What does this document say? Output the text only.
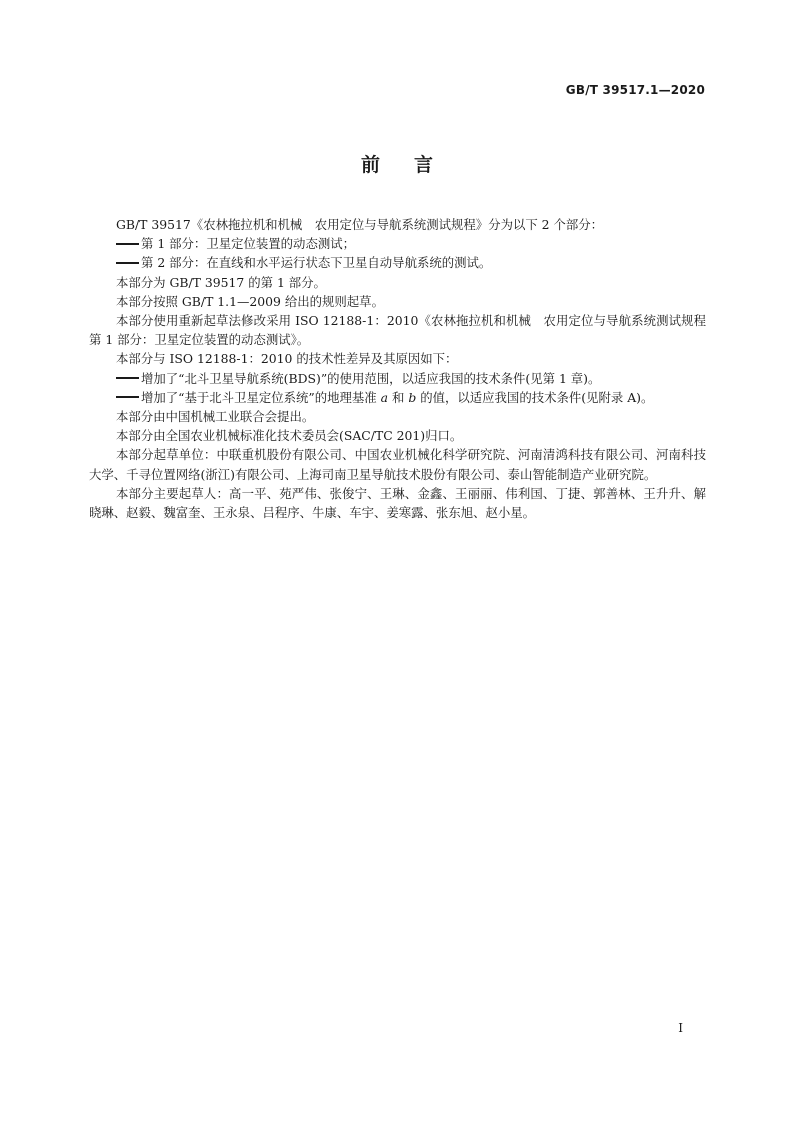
GB/T 39517.1—2020
前言

GB/T 39517《农林拖拉机和机械　农用定位与导航系统测试规程》分为以下 2 个部分：

第 1 部分：卫星定位装置的动态测试；

第 2 部分：在直线和水平运行状态下卫星自动导航系统的测试。

本部分为 GB/T 39517 的第 1 部分。

本部分按照 GB/T 1.1—2009 给出的规则起草。

本部分使用重新起草法修改采用 ISO 12188-1：2010《农林拖拉机和机械　农用定位与导航系统测试规程　第 1 部分：卫星定位装置的动态测试》。

本部分与 ISO 12188-1：2010 的技术性差异及其原因如下：

增加了“北斗卫星导航系统(BDS)”的使用范围，以适应我国的技术条件(见第 1 章)。

增加了“基于北斗卫星定位系统”的地理基准 a 和 b 的值，以适应我国的技术条件(见附录 A)。

本部分由中国机械工业联合会提出。

本部分由全国农业机械标准化技术委员会(SAC/TC 201)归口。

本部分起草单位：中联重机股份有限公司、中国农业机械化科学研究院、河南清鸿科技有限公司、河南科技大学、千寻位置网络(浙江)有限公司、上海司南卫星导航技术股份有限公司、泰山智能制造产业研究院。

本部分主要起草人：高一平、苑严伟、张俊宁、王琳、金鑫、王丽丽、伟利国、丁捷、郭善林、王升升、解晓琳、赵毅、魏富奎、王永泉、吕程序、牛康、车宇、姜寒露、张东旭、赵小星。

I
